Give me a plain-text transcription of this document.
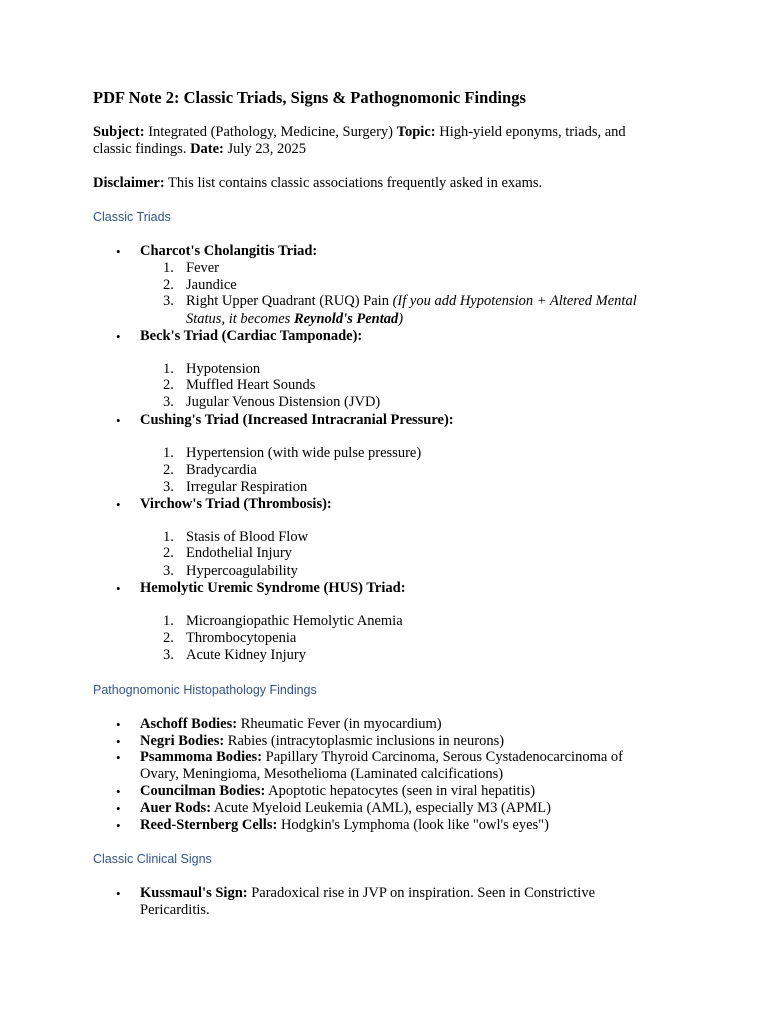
PDF Note 2: Classic Triads, Signs & Pathognomonic Findings
Subject: Integrated (Pathology, Medicine, Surgery) Topic: High-yield eponyms, triads, and
classic findings. Date: July 23, 2025
Disclaimer: This list contains classic associations frequently asked in exams.
Classic Triads
• Charcot's Cholangitis Triad:
1. Fever
2. Jaundice
3. Right Upper Quadrant (RUQ) Pain (If you add Hypotension + Altered Mental
Status, it becomes Reynold's Pentad)
• Beck's Triad (Cardiac Tamponade):
1. Hypotension
2. Muffled Heart Sounds
3. Jugular Venous Distension (JVD)
• Cushing's Triad (Increased Intracranial Pressure):
1. Hypertension (with wide pulse pressure)
2. Bradycardia
3. Irregular Respiration
• Virchow's Triad (Thrombosis):
1. Stasis of Blood Flow
2. Endothelial Injury
3. Hypercoagulability
• Hemolytic Uremic Syndrome (HUS) Triad:
1. Microangiopathic Hemolytic Anemia
2. Thrombocytopenia
3. Acute Kidney Injury
Pathognomonic Histopathology Findings
• Aschoff Bodies: Rheumatic Fever (in myocardium)
• Negri Bodies: Rabies (intracytoplasmic inclusions in neurons)
• Psammoma Bodies: Papillary Thyroid Carcinoma, Serous Cystadenocarcinoma of
Ovary, Meningioma, Mesothelioma (Laminated calcifications)
• Councilman Bodies: Apoptotic hepatocytes (seen in viral hepatitis)
• Auer Rods: Acute Myeloid Leukemia (AML), especially M3 (APML)
• Reed-Sternberg Cells: Hodgkin's Lymphoma (look like "owl's eyes")
Classic Clinical Signs
• Kussmaul's Sign: Paradoxical rise in JVP on inspiration. Seen in Constrictive
Pericarditis.
